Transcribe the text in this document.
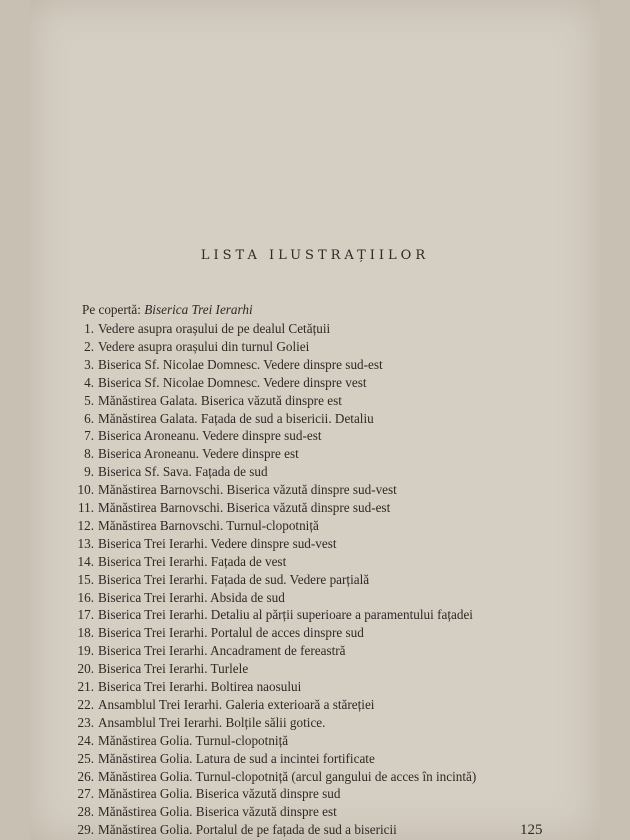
LISTA ILUSTRAȚIILOR
Pe copertă: Biserica Trei Ierarhi
1. Vedere asupra orașului de pe dealul Cetățuii
2. Vedere asupra orașului din turnul Goliei
3. Biserica Sf. Nicolae Domnesc. Vedere dinspre sud-est
4. Biserica Sf. Nicolae Domnesc. Vedere dinspre vest
5. Mănăstirea Galata. Biserica văzută dinspre est
6. Mănăstirea Galata. Fațada de sud a bisericii. Detaliu
7. Biserica Aroneanu. Vedere dinspre sud-est
8. Biserica Aroneanu. Vedere dinspre est
9. Biserica Sf. Sava. Fațada de sud
10. Mănăstirea Barnovschi. Biserica văzută dinspre sud-vest
11. Mănăstirea Barnovschi. Biserica văzută dinspre sud-est
12. Mănăstirea Barnovschi. Turnul-clopotniță
13. Biserica Trei Ierarhi. Vedere dinspre sud-vest
14. Biserica Trei Ierarhi. Fațada de vest
15. Biserica Trei Ierarhi. Fațada de sud. Vedere parțială
16. Biserica Trei Ierarhi. Absida de sud
17. Biserica Trei Ierarhi. Detaliu al părții superioare a paramentului fațadei
18. Biserica Trei Ierarhi. Portalul de acces dinspre sud
19. Biserica Trei Ierarhi. Ancadrament de fereastră
20. Biserica Trei Ierarhi. Turlele
21. Biserica Trei Ierarhi. Boltirea naosului
22. Ansamblul Trei Ierarhi. Galeria exterioară a stăreției
23. Ansamblul Trei Ierarhi. Bolțile sălii gotice.
24. Mănăstirea Golia. Turnul-clopotniță
25. Mănăstirea Golia. Latura de sud a incintei fortificate
26. Mănăstirea Golia. Turnul-clopotniță (arcul gangului de acces în incintă)
27. Mănăstirea Golia. Biserica văzută dinspre sud
28. Mănăstirea Golia. Biserica văzută dinspre est
29. Mănăstirea Golia. Portalul de pe fațada de sud a bisericii	125
